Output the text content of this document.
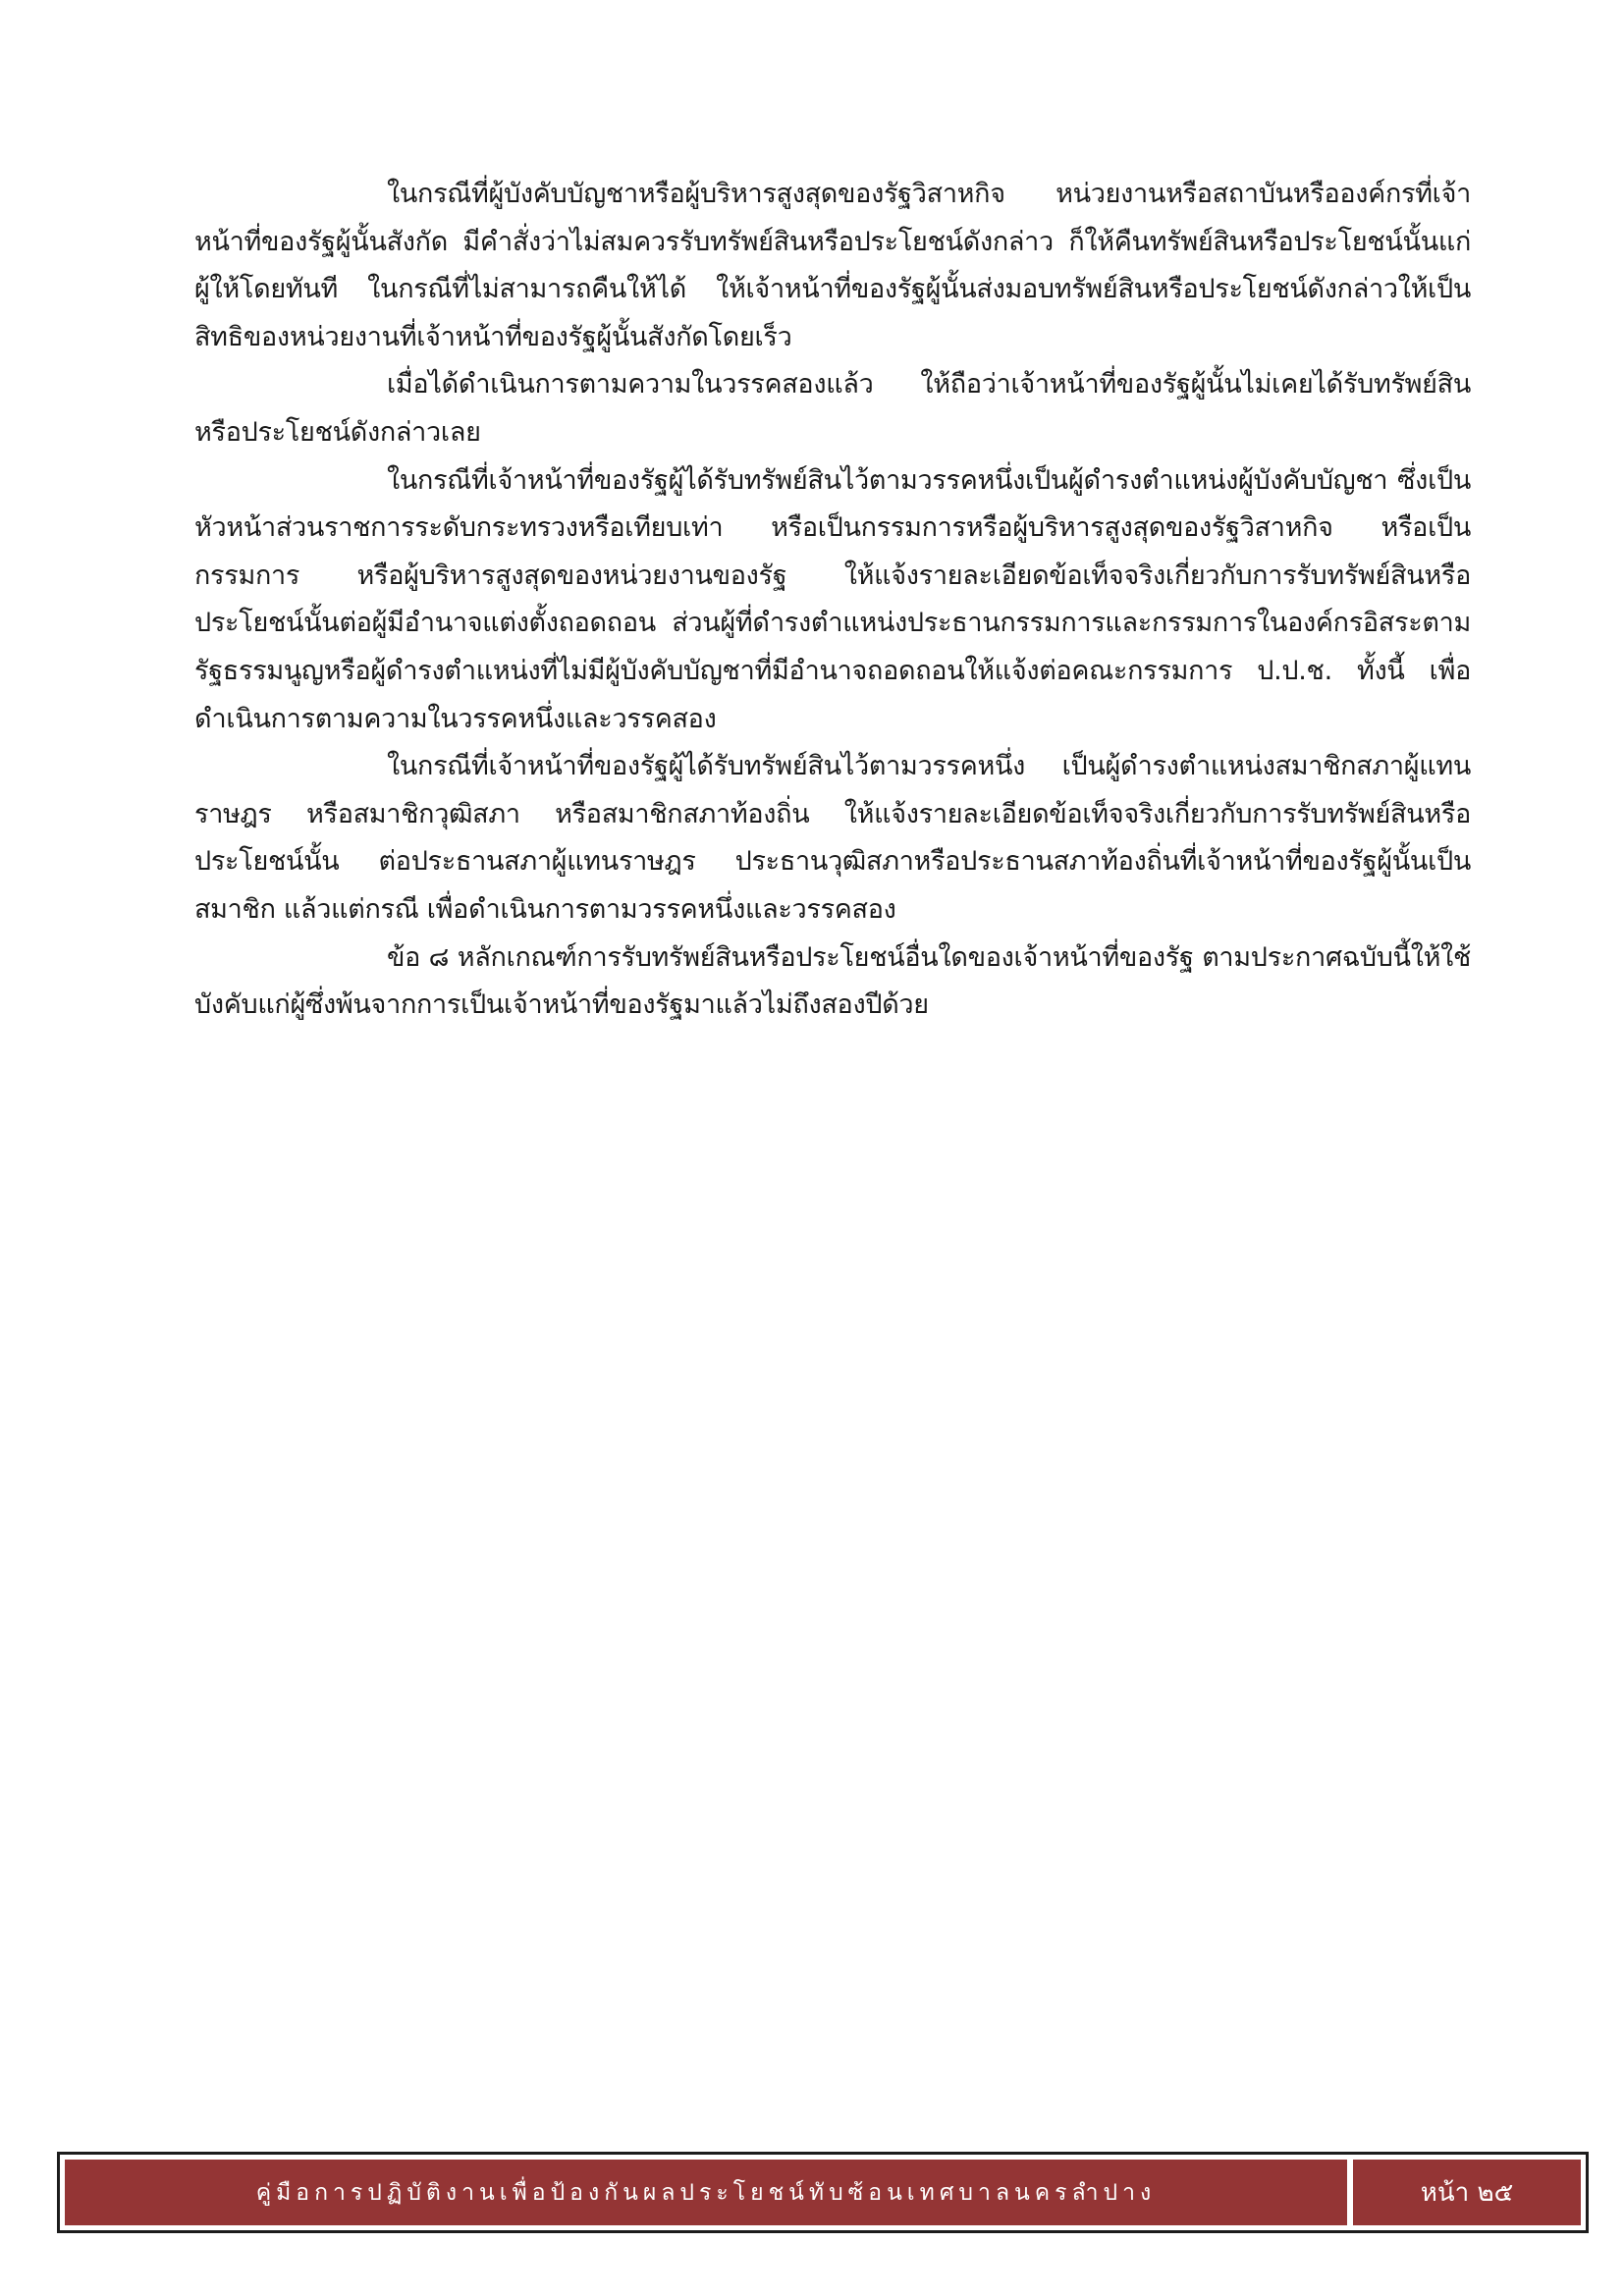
ในกรณีที่ผู้บังคับบัญชาหรือผู้บริหารสูงสุดของรัฐวิสาหกิจ หน่วยงานหรือสถาบันหรือองค์กรที่เจ้าหน้าที่ของรัฐผู้นั้นสังกัด มีคำสั่งว่าไม่สมควรรับทรัพย์สินหรือประโยชน์ดังกล่าว ก็ให้คืนทรัพย์สินหรือประโยชน์นั้นแก่ผู้ให้โดยทันที ในกรณีที่ไม่สามารถคืนให้ได้ ให้เจ้าหน้าที่ของรัฐผู้นั้นส่งมอบทรัพย์สินหรือประโยชน์ดังกล่าวให้เป็นสิทธิของหน่วยงานที่เจ้าหน้าที่ของรัฐผู้นั้นสังกัดโดยเร็ว

เมื่อได้ดำเนินการตามความในวรรคสองแล้ว ให้ถือว่าเจ้าหน้าที่ของรัฐผู้นั้นไม่เคยได้รับทรัพย์สินหรือประโยชน์ดังกล่าวเลย

ในกรณีที่เจ้าหน้าที่ของรัฐผู้ได้รับทรัพย์สินไว้ตามวรรคหนึ่งเป็นผู้ดำรงตำแหน่งผู้บังคับบัญชา ซึ่งเป็นหัวหน้าส่วนราชการระดับกระทรวงหรือเทียบเท่า หรือเป็นกรรมการหรือผู้บริหารสูงสุดของรัฐวิสาหกิจ หรือเป็นกรรมการ หรือผู้บริหารสูงสุดของหน่วยงานของรัฐ ให้แจ้งรายละเอียดข้อเท็จจริงเกี่ยวกับการรับทรัพย์สินหรือประโยชน์นั้นต่อผู้มีอำนาจแต่งตั้งถอดถอน ส่วนผู้ที่ดำรงตำแหน่งประธานกรรมการและกรรมการในองค์กรอิสระตามรัฐธรรมนูญหรือผู้ดำรงตำแหน่งที่ไม่มีผู้บังคับบัญชาที่มีอำนาจถอดถอนให้แจ้งต่อคณะกรรมการ ป.ป.ช. ทั้งนี้ เพื่อดำเนินการตามความในวรรคหนึ่งและวรรคสอง

ในกรณีที่เจ้าหน้าที่ของรัฐผู้ได้รับทรัพย์สินไว้ตามวรรคหนึ่ง เป็นผู้ดำรงตำแหน่งสมาชิกสภาผู้แทนราษฎร หรือสมาชิกวุฒิสภา หรือสมาชิกสภาท้องถิ่น ให้แจ้งรายละเอียดข้อเท็จจริงเกี่ยวกับการรับทรัพย์สินหรือประโยชน์นั้น ต่อประธานสภาผู้แทนราษฎร ประธานวุฒิสภาหรือประธานสภาท้องถิ่นที่เจ้าหน้าที่ของรัฐผู้นั้นเป็นสมาชิก แล้วแต่กรณี เพื่อดำเนินการตามวรรคหนึ่งและวรรคสอง

ข้อ ๘ หลักเกณฑ์การรับทรัพย์สินหรือประโยชน์อื่นใดของเจ้าหน้าที่ของรัฐ ตามประกาศฉบับนี้ให้ใช้บังคับแก่ผู้ซึ่งพ้นจากการเป็นเจ้าหน้าที่ของรัฐมาแล้วไม่ถึงสองปีด้วย

คู่มือการปฏิบัติงานเพื่อป้องกันผลประโยชน์ทับซ้อนเทศบาลนครลำปาง	หน้า ๒๕
